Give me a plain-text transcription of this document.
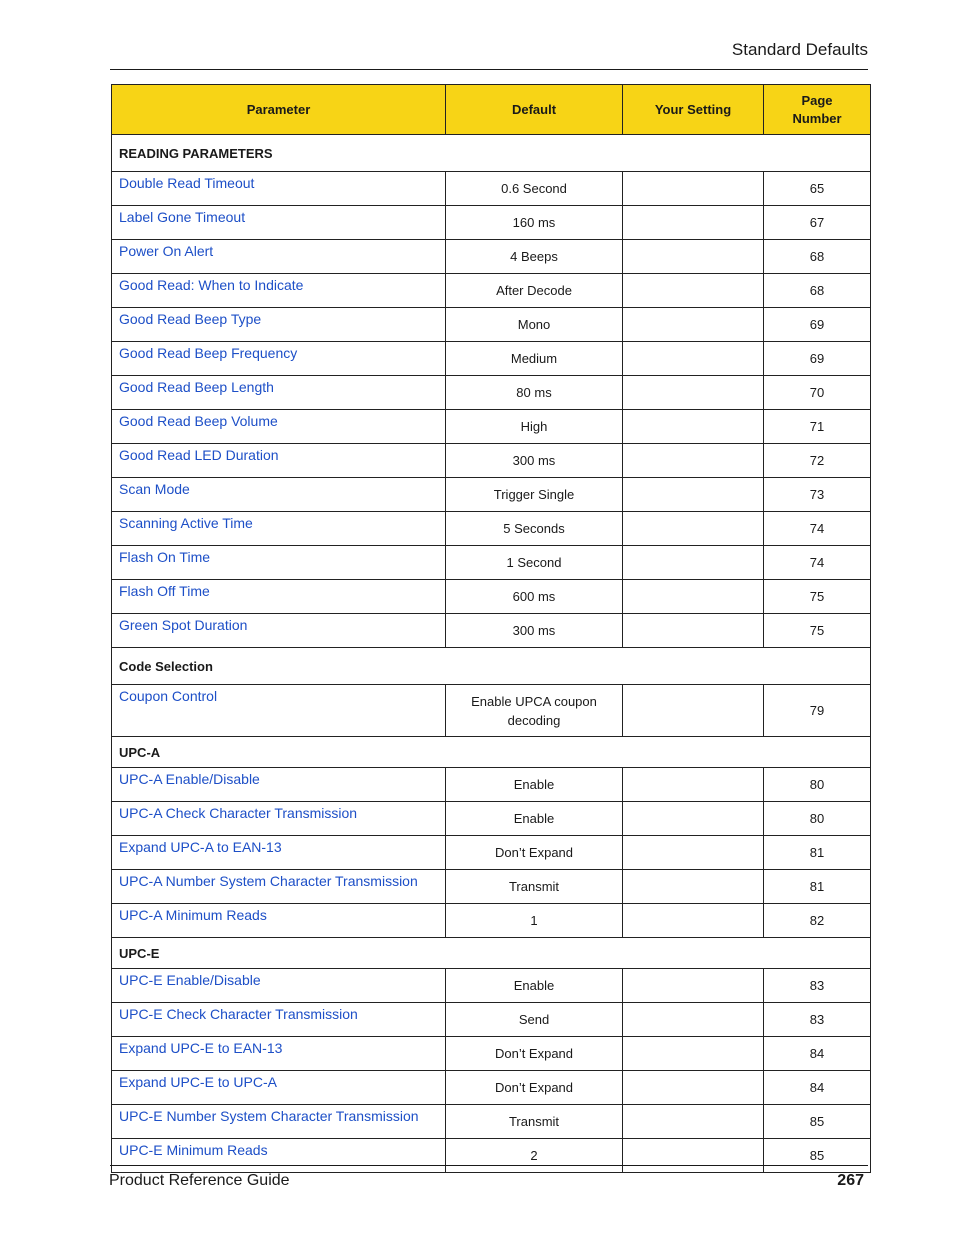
Standard Defaults
Parameter	Default	Your Setting	Page
Number
READING PARAMETERS			
Double Read Timeout	0.6 Second		65
Label Gone Timeout	160 ms		67
Power On Alert	4 Beeps		68
Good Read: When to Indicate	After Decode		68
Good Read Beep Type	Mono		69
Good Read Beep Frequency	Medium		69
Good Read Beep Length	80 ms		70
Good Read Beep Volume	High		71
Good Read LED Duration	300 ms		72
Scan Mode	Trigger Single		73
Scanning Active Time	5 Seconds		74
Flash On Time	1 Second		74
Flash Off Time	600 ms		75
Green Spot Duration	300 ms		75
Code Selection			
Coupon Control	Enable UPCA coupon
decoding		79
UPC-A			
UPC-A Enable/Disable	Enable		80
UPC-A Check Character Transmission	Enable		80
Expand UPC-A to EAN-13	Don’t Expand		81
UPC-A Number System Character Transmission	Transmit		81
UPC-A Minimum Reads	1		82
UPC-E			
UPC-E Enable/Disable	Enable		83
UPC-E Check Character Transmission	Send		83
Expand UPC-E to EAN-13	Don’t Expand		84
Expand UPC-E to UPC-A	Don’t Expand		84
UPC-E Number System Character Transmission	Transmit		85
UPC-E Minimum Reads	2		85
Product Reference Guide	267
